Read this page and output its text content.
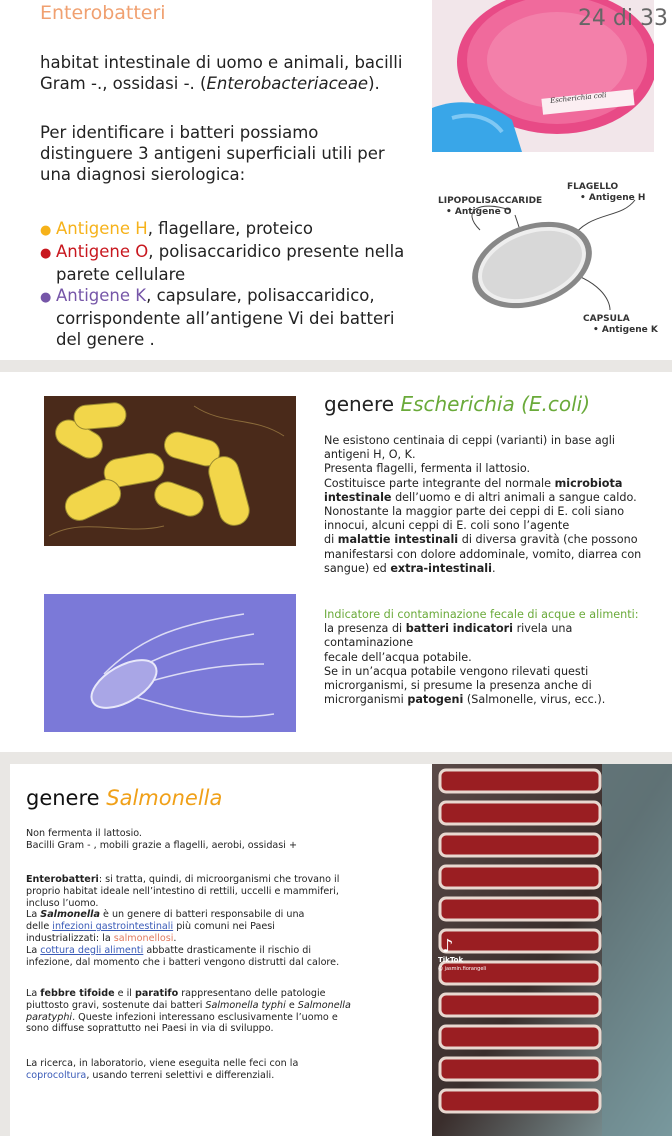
Enterobatteri
Escherichia coli
24 di 33
habitat intestinale di uomo e animali, bacilli
Gram -., ossidasi -. (Enterobacteriaceae).
Per identificare i batteri possiamo
distinguere 3 antigeni superficiali utili per
una diagnosi sierologica:
● Antigene H, flagellare, proteico
● Antigene O, polisaccaridico presente nella
parete cellulare
● Antigene K, capsulare, polisaccaridico,
corrispondente all’antigene Vi dei batteri
del genere .
LIPOPOLISACCARIDE
• Antigene O
FLAGELLO
• Antigene H
CAPSULA
• Antigene K
genere Escherichia (E.coli)
Ne esistono centinaia di ceppi (varianti) in base agli
antigeni H, O, K.
Presenta flagelli, fermenta il lattosio.
Costituisce parte integrante del normale microbiota
intestinale dell’uomo e di altri animali a sangue caldo.
Nonostante la maggior parte dei ceppi di E. coli siano
innocui, alcuni ceppi di E. coli sono l’agente
di malattie intestinali di diversa gravità (che possono
manifestarsi con dolore addominale, vomito, diarrea con
sangue) ed extra-intestinali.
Indicatore di contaminazione fecale di acque e alimenti:
la presenza di batteri indicatori rivela una contaminazione
fecale dell’acqua potabile.
Se in un’acqua potabile vengono rilevati questi
microrganismi, si presume la presenza anche di
microrganismi patogeni (Salmonelle, virus, ecc.).
genere Salmonella
Non fermenta il lattosio.
Bacilli Gram - , mobili grazie a flagelli, aerobi, ossidasi +
Enterobatteri: si tratta, quindi, di microorganismi che trovano il
proprio habitat ideale nell’intestino di rettili, uccelli e mammiferi,
incluso l’uomo.
La Salmonella è un genere di batteri responsabile di una
delle infezioni gastrointestinali più comuni nei Paesi
industrializzati: la salmonellosi.
La cottura degli alimenti abbatte drasticamente il rischio di
infezione, dal momento che i batteri vengono distrutti dal calore.
La febbre tifoide e il paratifo rappresentano delle patologie
piuttosto gravi, sostenute dai batteri Salmonella typhi e Salmonella
paratyphi. Queste infezioni interessano esclusivamente l’uomo e
sono diffuse soprattutto nei Paesi in via di sviluppo.
La ricerca, in laboratorio, viene eseguita nelle feci con la
coprocoltura, usando terreni selettivi e differenziali.
♪
TikTok
@ jasmin.fiorangeli
